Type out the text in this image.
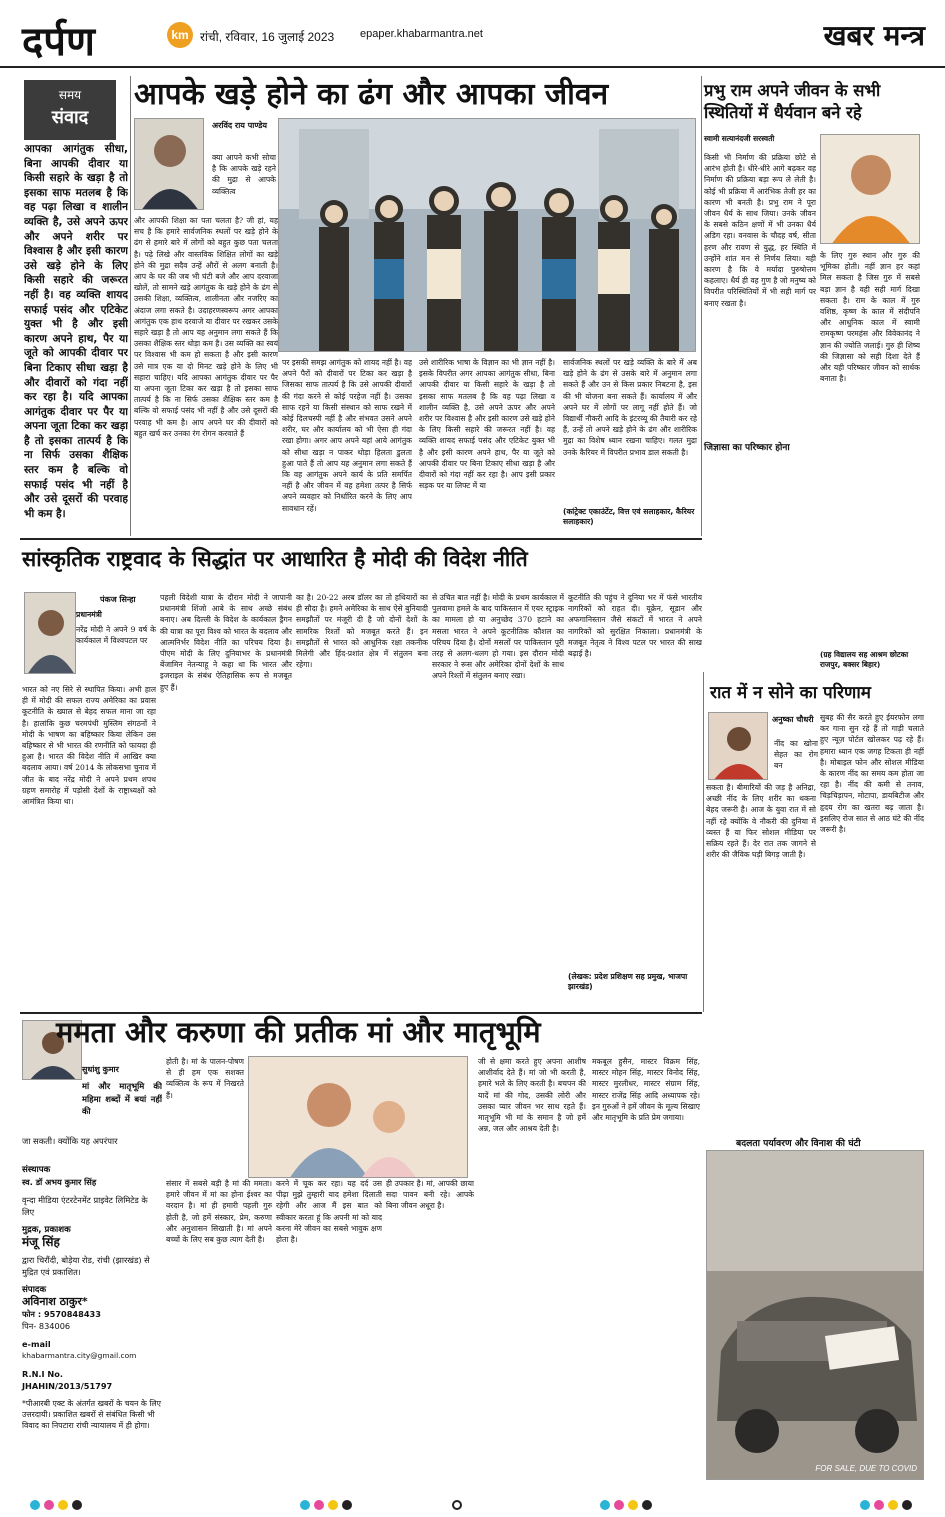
दर्पण	km रांची, रविवार, 16 जुलाई 2023 epaper.khabarmantra.net	खबर मन्त्र
समय
संवाद
आपका आगंतुक सीधा, बिना आपकी दीवार या किसी सहारे के खड़ा है तो इसका साफ मतलब है कि वह पढ़ा लिखा व शालीन व्यक्ति है, उसे अपने ऊपर और अपने शरीर पर विश्वास है और इसी कारण उसे खड़े होने के लिए किसी सहारे की जरूरत नहीं है। वह व्यक्ति शायद सफाई पसंद और एटिकेट युक्त भी है और इसी कारण अपने हाथ, पैर या जूते को आपकी दीवार पर बिना टिकाए सीधा खड़ा है और दीवारों को गंदा नहीं कर रहा है। यदि आपका आगंतुक दीवार पर पैर या अपना जूता टिका कर खड़ा है तो इसका तात्पर्य है कि ना सिर्फ उसका शैक्षिक स्तर कम है बल्कि वो सफाई पसंद भी नहीं है और उसे दूसरों की परवाह भी कम है।
आपके खड़े होने का ढंग और आपका जीवन
अरविंद राय पाण्डेय
क्या आपने कभी सोचा है कि आपके खड़े रहने की मुद्रा से आपके व्यक्तित्व
और आपकी शिक्षा का पता चलता है? जी हां, यह सच है कि हमारे सार्वजनिक स्थलों पर खड़े होने के ढंग से हमारे बारे में लोगों को बहुत कुछ पता चलता है। पढ़े लिखे और वास्तविक शिक्षित लोगों का खड़े होने की मुद्रा सदैव उन्हें औरों से अलग बनाती है। आप के घर की जब भी घंटी बजे और आप दरवाजा खोलें, तो सामने खड़े आगंतुक के खड़े होने के ढंग से उसकी शिक्षा, व्यक्तित्व, शालीनता और नजरिए का अंदाज लगा सकते है। उदाहरणस्वरूप अगर आपका आगंतुक एक हाथ दरवाजे या दीवार पर रखकर उसके सहारे खड़ा है तो आप यह अनुमान लगा सकते हैं कि उसका शैक्षिक स्तर थोड़ा कम है। उस व्यक्ति का स्वयं पर विश्वास भी कम हो सकता है और इसी कारण उसे मात्र एक या दो मिनट खड़े होने के लिए भी सहारा चाहिए। यदि आपका आगंतुक दीवार पर पैर या अपना जूता टिका कर खड़ा है तो इसका साफ तात्पर्य है कि ना सिर्फ उसका शैक्षिक स्तर कम है बल्कि वो सफाई पसंद भी नहीं है और उसे दूसरों की परवाह भी कम है। आप अपने घर की दीवारों को बहुत खर्च कर उनका रंग रोगन करवाते हैं
पर इसकी समझ आगंतुक को शायद नहीं है। वह अपने पैरों को दीवारों पर टिका कर खड़ा है जिसका साफ तात्पर्य है कि उसे आपकी दीवारों की गंदा करने से कोई परहेज नहीं है। उसका साफ रहने या किसी संस्थान को साफ रखने में कोई दिलचस्पी नहीं है और संभवत उसने अपने शरीर, घर और कार्यालय को भी ऐसा ही गंदा रखा होगा। अगर आप अपने यहां आये आगंतुक को सीधा खड़ा न पाकर थोड़ा हिलता डुलता हुआ पाते हैं तो आप यह अनुमान लगा सकते हैं कि वह आगंतुक अपने कार्य के प्रति समर्पित नहीं है और जीवन में वह हमेशा तत्पर है सिर्फ अपने व्यवहार को निर्धारित करने के लिए आप सावधान रहें।
उसे शारीरिक भाषा के विज्ञान का भी ज्ञान नहीं है। इसके विपरीत अगर आपका आगंतुक सीधा, बिना आपकी दीवार या किसी सहारे के खड़ा है तो इसका साफ मतलब है कि वह पढ़ा लिखा व शालीन व्यक्ति है, उसे अपने ऊपर और अपने शरीर पर विश्वास है और इसी कारण उसे खड़े होने के लिए किसी सहारे की जरूरत नहीं है। वह व्यक्ति शायद सफाई पसंद और एटिकेट युक्त भी है और इसी कारण अपने हाथ, पैर या जूते को आपकी दीवार पर बिना टिकाए सीधा खड़ा है और दीवारों को गंदा नहीं कर रहा है। आप इसी प्रकार सड़क पर या लिफ्ट में या
सार्वजनिक स्थलों पर खड़े व्यक्ति के बारे में अब खड़े होने के ढंग से उसके बारे में अनुमान लगा सकते हैं और उन से किस प्रकार निबटना है, इस की भी योजना बना सकते हैं। कार्यालय में और अपने घर में लोगों पर लागू नहीं होते हैं। जो विद्यार्थी नौकरी आदि के इंटरव्यू की तैयारी कर रहे हैं, उन्हें तो अपने खड़े होने के ढंग और शारीरिक मुद्रा का विशेष ध्यान रखना चाहिए। गलत मुद्रा उनके कैरियर में विपरीत प्रभाव डाल सकती है।
(कांट्रेक्ट एकाउंटेंट, वित्त एवं सलाहकार, कैरियर सलाहकार)
प्रभु राम अपने जीवन के सभी स्थितियों में धैर्यवान बने रहे
स्वामी सत्यानंदजी सरस्वती
किसी भी निर्माण की प्रक्रिया छोटे से आरंभ होती है। धीरे-धीरे आगे बढ़कर वह निर्माण की प्रक्रिया बड़ा रूप ले लेती है। कोई भी प्रक्रिया में आरंभिक तेजी हर का कारण भी बनती है। प्रभु राम ने पूरा जीवन धैर्य के साथ जिया। उनके जीवन के सबसे कठिन क्षणों में भी उनका धैर्य अडिग रहा। वनवास के चौदह वर्ष, सीता हरण और रावण से युद्ध, हर स्थिति में उन्होंने शांत मन से निर्णय लिया। यही कारण है कि वे मर्यादा पुरुषोत्तम कहलाए। धैर्य ही वह गुण है जो मनुष्य को विपरीत परिस्थितियों में भी सही मार्ग पर बनाए रखता है।
जिज्ञासा का परिष्कार होना
के लिए गुरु स्थान और गुरु की भूमिका होती। नहीं ज्ञान हर कहां मिल सकता है जिस गुरु में सबसे बड़ा ज्ञान है वही सही मार्ग दिखा सकता है। राम के काल में गुरु वशिष्ठ, कृष्ण के काल में संदीपनि और आधुनिक काल में स्वामी रामकृष्ण परमहंस और विवेकानंद ने ज्ञान की ज्योति जलाई। गुरु ही शिष्य की जिज्ञासा को सही दिशा देते हैं और यही परिष्कार जीवन को सार्थक बनाता है।
(ग्रह विद्यालय सह आश्रम छोटका राजपुर, बक्सर बिहार)
सांस्कृतिक राष्ट्रवाद के सिद्धांत पर आधारित है मोदी की विदेश नीति
पंकज सिन्हा
प्रधानमंत्री
नरेंद्र मोदी ने अपने 9 वर्ष के कार्यकाल में विश्वपटल पर
भारत को नए सिरे से स्थापित किया। अभी हाल ही में मोदी की सफल राज्य अमेरिका का प्रवास कूटनीति के ख्याल से बेहद सफल माना जा रहा है। हालांकि कुछ चरमपंथी मुस्लिम संगठनों ने मोदी के भाषण का बहिष्कार किया लेकिन उस बहिष्कार से भी भारत की रणनीति को फायदा ही हुआ है। भारत की विदेश नीति में आखिर क्या बदलाव आया। वर्ष 2014 के लोकसभा चुनाव में जीत के बाद नरेंद्र मोदी ने अपने प्रथम शपथ ग्रहण समारोह में पड़ोसी देशों के राष्ट्राध्यक्षों को आमंत्रित किया था।
पहली विदेशी यात्रा के दौरान मोदी ने जापानी प्रधानमंत्री शिंजो आबे के साथ अच्छे संबंध बनाए। अब दिल्ली के विदेश के कार्यकाल ड्रैगन की यात्रा का पूरा विश्व को भारत के बदलाव और आत्मनिर्भर विदेश नीति का परिचय दिया है। पीएम मोदी के लिए दुनियाभर के प्रधानमंत्री बेंजामिन नेतन्याहू ने कहा था कि भारत और इजराइल के संबंध ऐतिहासिक रूप से मजबूत हुए हैं।
का है। 20-22 अरब डॉलर का तो हथियारों का ही सौदा है। हमने अमेरिका के साथ ऐसे बुनियादी समझौतों पर मंजूरी दी है जो दोनों देशों के सामरिक रिश्तों को मजबूत करते हैं। इन समझौतों से भारत को आधुनिक रक्षा तकनीक मिलेगी और हिंद-प्रशांत क्षेत्र में संतुलन बना रहेगा।
से उचित बात नहीं है। मोदी के प्रथम कार्यकाल में पुलवामा हमले के बाद पाकिस्तान में एयर स्ट्राइक का मामला हो या अनुच्छेद 370 हटाने का मसला भारत ने अपने कूटनीतिक कौशल का परिचय दिया है। दोनों मसलों पर पाकिस्तान पूरी तरह से अलग-थलग हो गया। इस दौरान मोदी सरकार ने रूस और अमेरिका दोनों देशों के साथ अपने रिश्तों में संतुलन बनाए रखा।
कूटनीति की पहुंच ने दुनिया भर में फंसे भारतीय नागरिकों को राहत दी। यूक्रेन, सूडान और अफगानिस्तान जैसे संकटों में भारत ने अपने नागरिकों को सुरक्षित निकाला। प्रधानमंत्री के मजबूत नेतृत्व ने विश्व पटल पर भारत की साख बढ़ाई है।
(लेखक: प्रदेश प्रशिक्षण सह प्रमुख, भाजपा झारखंड)
रात में न सोने का परिणाम
अनुष्का चौधरी
नींद का खोना सेहत का रोग बन
सकता है। बीमारियों की जड़ है अनिद्रा, अच्छी नींद के लिए शरीर का थकना बेहद जरूरी है। आज के युवा रात में सो नहीं रहे क्योंकि वे नौकरी की दुनिया में व्यस्त हैं या फिर सोशल मीडिया पर सक्रिय रहते हैं। देर रात तक जागने से शरीर की जैविक घड़ी बिगड़ जाती है।
सुबह की सैर करते हुए ईयरफोन लगा कर गाना सुन रहे हैं तो गाड़ी चलाते हुए न्यूज़ पोर्टल खोलकर पढ़ रहे हैं। हमारा ध्यान एक जगह टिकता ही नहीं है। मोबाइल फोन और सोशल मीडिया के कारण नींद का समय कम होता जा रहा है। नींद की कमी से तनाव, चिड़चिड़ापन, मोटापा, डायबिटीज और हृदय रोग का खतरा बढ़ जाता है। इसलिए रोज सात से आठ घंटे की नींद जरूरी है।
बदलता पर्यावरण और विनाश की घंटी
ममता और करुणा की प्रतीक मां और मातृभूमि
सुधांशु कुमार
मां और मातृभूमि की महिमा शब्दों में बयां नहीं की
जा सकती। क्योंकि यह अपरंपार
संस्थापक
स्व. डॉ अभय कुमार सिंह
वृन्दा मीडिया एंटरटेनमेंट प्राइवेट लिमिटेड के लिए
मुद्रक, प्रकाशक
मंजू सिंह
द्वारा चिरौंदी, बोड़ेया रोड, रांची (झारखंड) से मुद्रित एवं प्रकाशित।
संपादक
अविनाश ठाकुर*
फोन : 9570848433
पिन- 834006
e-mail
khabarmantra.city@gmail.com
R.N.I No.
JHAHIN/2013/51797
*पीआरबी एक्ट के अंतर्गत खबरों के चयन के लिए उत्तरदायी। प्रकाशित खबरों से संबंधित किसी भी विवाद का निपटारा रांची न्यायालय में ही होगा।
होती है। मां के पालन-पोषण से ही हम एक सशक्त व्यक्तित्व के रूप में निखरते हैं।
संसार में सबसे बड़ी है मां की ममता। हमारे जीवन में मां का होना ईश्वर का वरदान है। मां ही हमारी पहली गुरु होती है, जो हमें संस्कार, प्रेम, करुणा और अनुशासन सिखाती है। मां अपने बच्चों के लिए सब कुछ त्याग देती है।
करने में चूक कर रहा। यह दर्द उस पीढ़ा मुझे तुम्हारी याद हमेशा दिलाती रहेगी और आज मैं इस बात को स्वीकार करता हूं कि अपनी मां को याद करना मेरे जीवन का सबसे भावुक क्षण होता है।
ही उपकार है। मां, आपकी छाया सदा पावन बनी रहे। आपके बिना जीवन अधूरा है।
जी से क्षमा करते हुए अपना आशीष आशीर्वाद देते हैं। मां जो भी करती है, हमारे भले के लिए करती है। बचपन की यादें मां की गोद, उसकी लोरी और उसका प्यार जीवन भर साथ रहते हैं। मातृभूमि भी मां के समान है जो हमें अन्न, जल और आश्रय देती है।
मकबूल हुसैन, मास्टर विक्रम सिंह, मास्टर मोहन सिंह, मास्टर विनोद सिंह, मास्टर मुरलीधर, मास्टर संग्राम सिंह, मास्टर राजेंद्र सिंह आदि अध्यापक रहे। इन गुरुओं ने हमें जीवन के मूल्य सिखाए और मातृभूमि के प्रति प्रेम जगाया।
FOR SALE, DUE TO COVID
